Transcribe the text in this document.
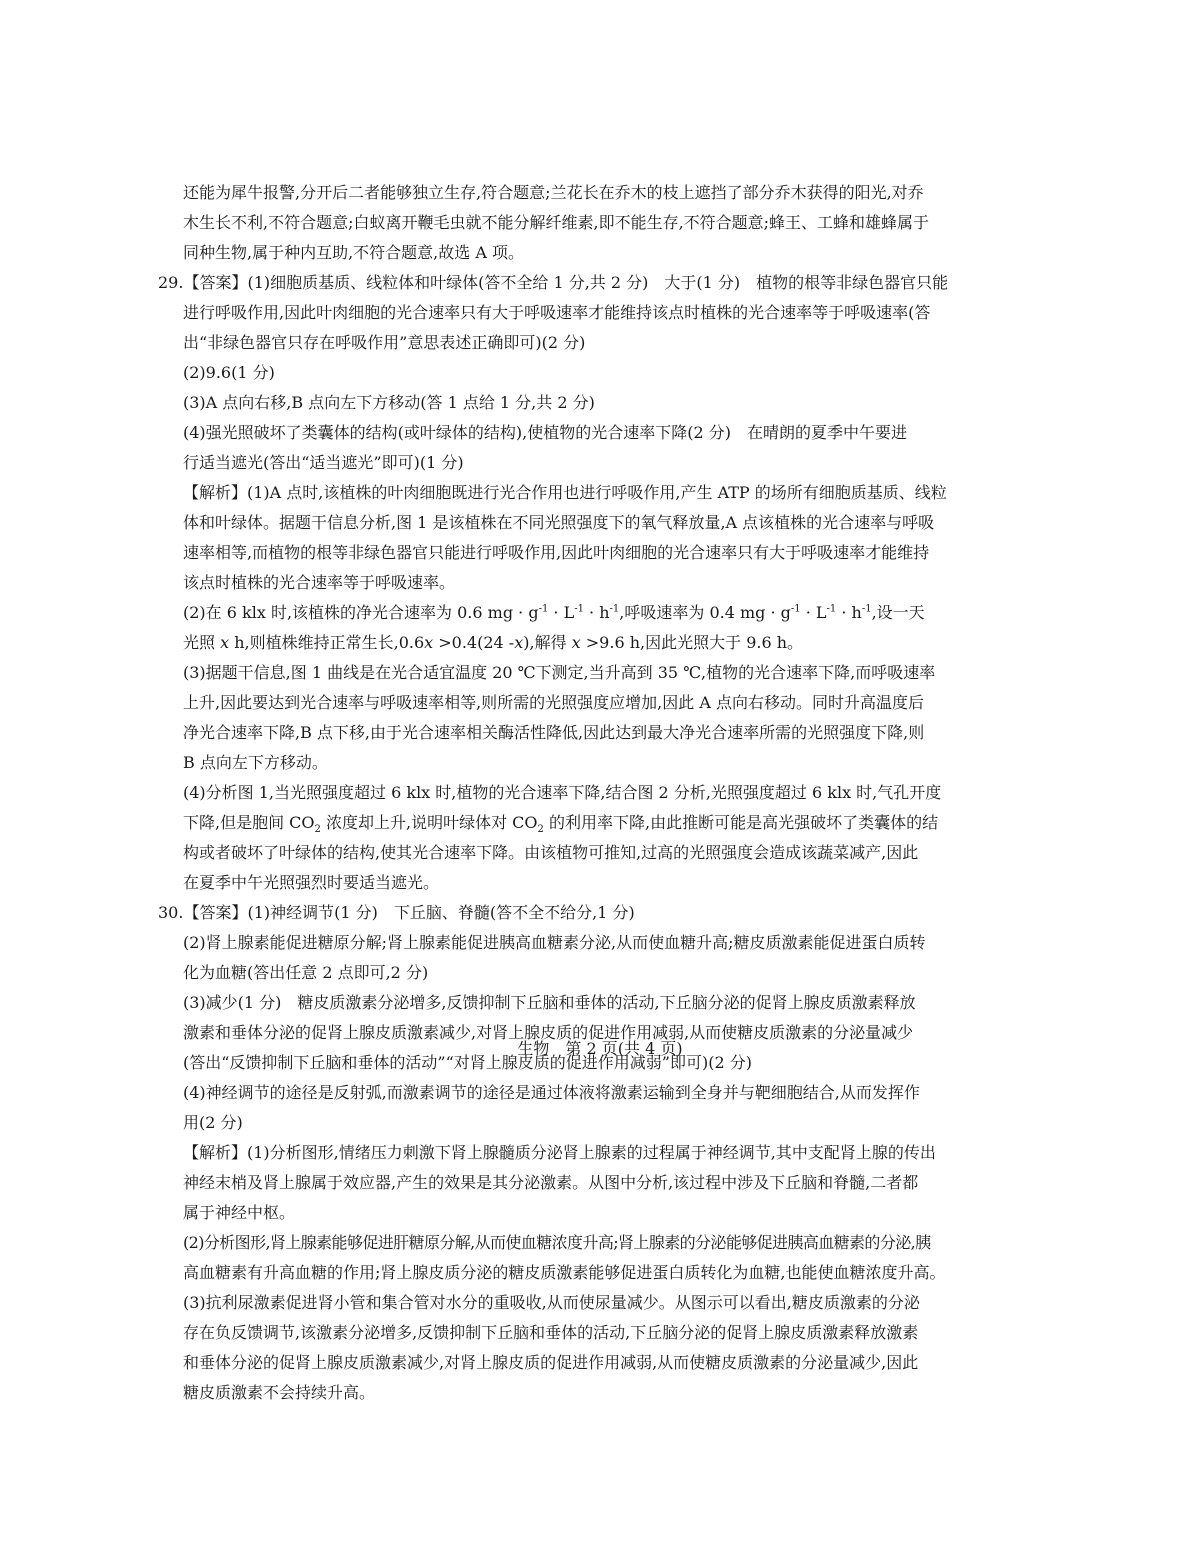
还能为犀牛报警,分开后二者能够独立生存,符合题意;兰花长在乔木的枝上遮挡了部分乔木获得的阳光,对乔

木生长不利,不符合题意;白蚁离开鞭毛虫就不能分解纤维素,即不能生存,不符合题意;蜂王、工蜂和雄蜂属于

同种生物,属于种内互助,不符合题意,故选 A 项。

29.【答案】(1)细胞质基质、线粒体和叶绿体(答不全给 1 分,共 2 分)　大于(1 分)　植物的根等非绿色器官只能

进行呼吸作用,因此叶肉细胞的光合速率只有大于呼吸速率才能维持该点时植株的光合速率等于呼吸速率(答

出“非绿色器官只存在呼吸作用”意思表述正确即可)(2 分)

(2)9.6(1 分)

(3)A 点向右移,B 点向左下方移动(答 1 点给 1 分,共 2 分)

(4)强光照破坏了类囊体的结构(或叶绿体的结构),使植物的光合速率下降(2 分)　在晴朗的夏季中午要进

行适当遮光(答出“适当遮光”即可)(1 分)

【解析】(1)A 点时,该植株的叶肉细胞既进行光合作用也进行呼吸作用,产生 ATP 的场所有细胞质基质、线粒

体和叶绿体。据题干信息分析,图 1 是该植株在不同光照强度下的氧气释放量,A 点该植株的光合速率与呼吸

速率相等,而植物的根等非绿色器官只能进行呼吸作用,因此叶肉细胞的光合速率只有大于呼吸速率才能维持

该点时植株的光合速率等于呼吸速率。

(2)在 6 klx 时,该植株的净光合速率为 0.6 mg · $g^{-1} \cdot L^{-1} \cdot h^{-1}$,呼吸速率为 0.4 mg · $g^{-1} \cdot L^{-1} \cdot h^{-1}$,设一天

光照 x h,则植株维持正常生长,0.6x >0.4(24 -x),解得 x >9.6 h,因此光照大于 9.6 h。

(3)据题干信息,图 1 曲线是在光合适宜温度 20 ℃下测定,当升高到 35 ℃,植物的光合速率下降,而呼吸速率

上升,因此要达到光合速率与呼吸速率相等,则所需的光照强度应增加,因此 A 点向右移动。同时升高温度后

净光合速率下降,B 点下移,由于光合速率相关酶活性降低,因此达到最大净光合速率所需的光照强度下降,则

B 点向左下方移动。

(4)分析图 1,当光照强度超过 6 klx 时,植物的光合速率下降,结合图 2 分析,光照强度超过 6 klx 时,气孔开度

下降,但是胞间 $CO_2$ 浓度却上升,说明叶绿体对 $CO_2$ 的利用率下降,由此推断可能是高光强破坏了类囊体的结

构或者破坏了叶绿体的结构,使其光合速率下降。由该植物可推知,过高的光照强度会造成该蔬菜减产,因此

在夏季中午光照强烈时要适当遮光。

30.【答案】(1)神经调节(1 分)　下丘脑、脊髓(答不全不给分,1 分)

(2)肾上腺素能促进糖原分解;肾上腺素能促进胰高血糖素分泌,从而使血糖升高;糖皮质激素能促进蛋白质转

化为血糖(答出任意 2 点即可,2 分)

(3)减少(1 分)　糖皮质激素分泌增多,反馈抑制下丘脑和垂体的活动,下丘脑分泌的促肾上腺皮质激素释放

激素和垂体分泌的促肾上腺皮质激素减少,对肾上腺皮质的促进作用减弱,从而使糖皮质激素的分泌量减少

(答出“反馈抑制下丘脑和垂体的活动”“对肾上腺皮质的促进作用减弱”即可)(2 分)

(4)神经调节的途径是反射弧,而激素调节的途径是通过体液将激素运输到全身并与靶细胞结合,从而发挥作

用(2 分)

【解析】(1)分析图形,情绪压力刺激下肾上腺髓质分泌肾上腺素的过程属于神经调节,其中支配肾上腺的传出

神经末梢及肾上腺属于效应器,产生的效果是其分泌激素。从图中分析,该过程中涉及下丘脑和脊髓,二者都

属于神经中枢。

(2)分析图形,肾上腺素能够促进肝糖原分解,从而使血糖浓度升高;肾上腺素的分泌能够促进胰高血糖素的分泌,胰

高血糖素有升高血糖的作用;肾上腺皮质分泌的糖皮质激素能够促进蛋白质转化为血糖,也能使血糖浓度升高。

(3)抗利尿激素促进肾小管和集合管对水分的重吸收,从而使尿量减少。从图示可以看出,糖皮质激素的分泌

存在负反馈调节,该激素分泌增多,反馈抑制下丘脑和垂体的活动,下丘脑分泌的促肾上腺皮质激素释放激素

和垂体分泌的促肾上腺皮质激素减少,对肾上腺皮质的促进作用减弱,从而使糖皮质激素的分泌量减少,因此

糖皮质激素不会持续升高。

生物　第 2 页(共 4 页)
